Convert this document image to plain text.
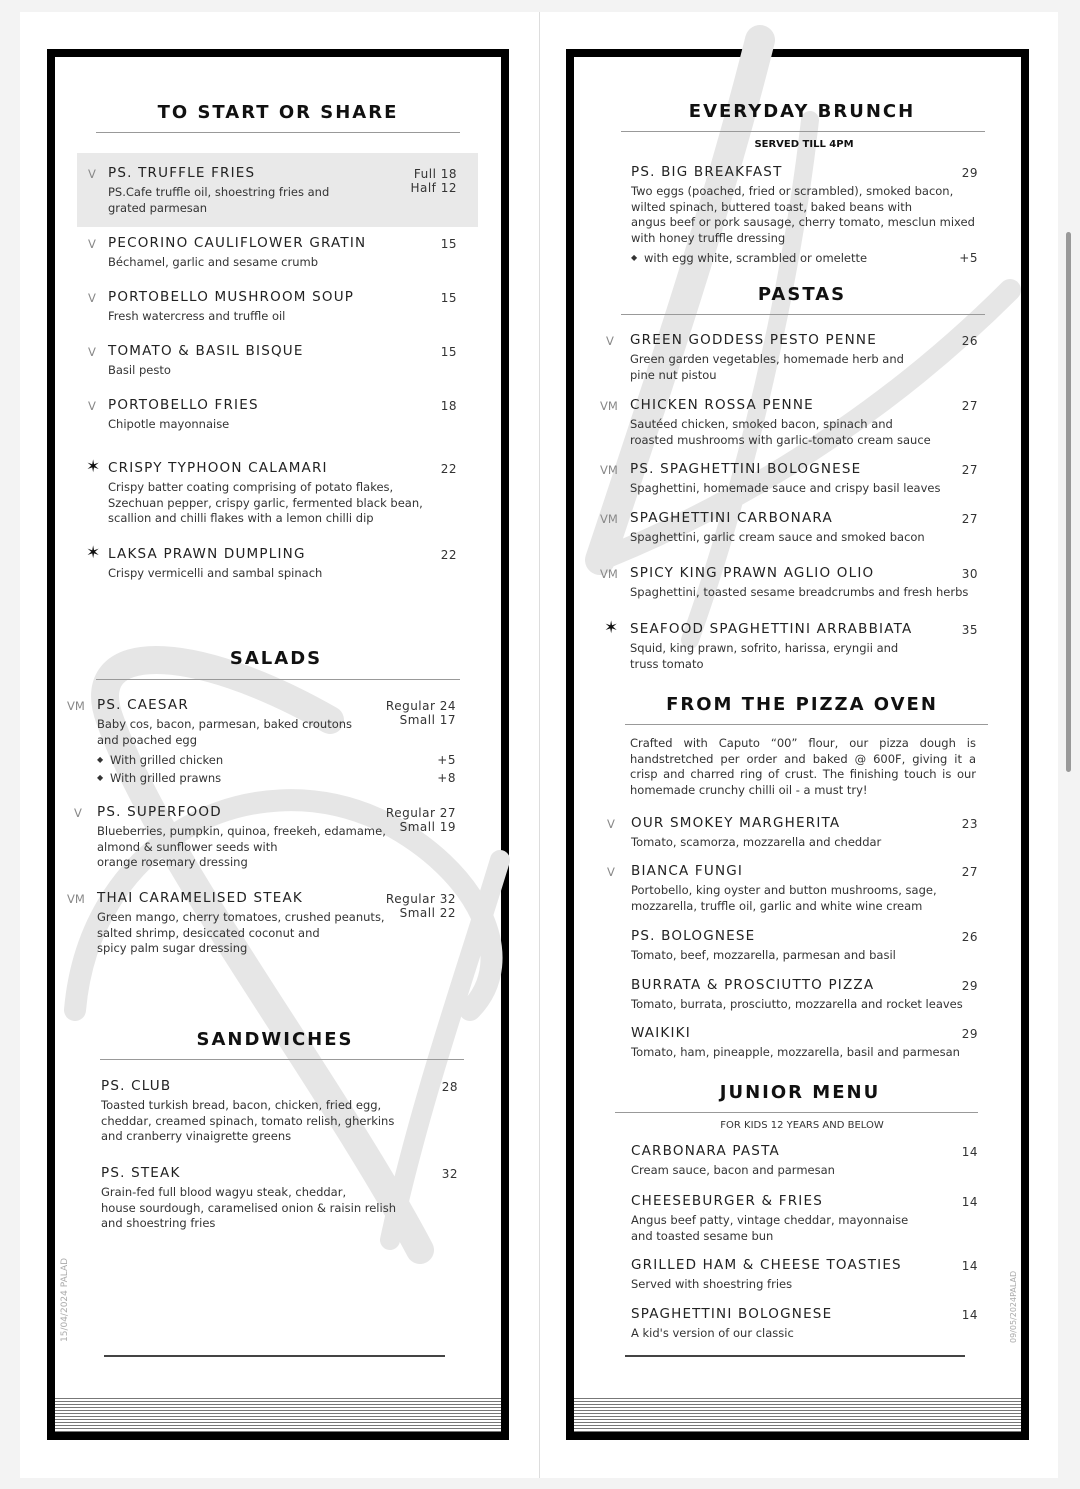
TO START OR SHARE
V PS. TRUFFLE FRIES
PS.Cafe truffle oil, shoestring fries and
grated parmesan
Full 18
Half 12
V PECORINO CAULIFLOWER GRATIN
Béchamel, garlic and sesame crumb
15
V PORTOBELLO MUSHROOM SOUP
Fresh watercress and truffle oil
15
V TOMATO & BASIL BISQUE
Basil pesto
15
V PORTOBELLO FRIES
Chipotle mayonnaise
18
✶ CRISPY TYPHOON CALAMARI
Crispy batter coating comprising of potato flakes,
Szechuan pepper, crispy garlic, fermented black bean,
scallion and chilli flakes with a lemon chilli dip
22
✶ LAKSA PRAWN DUMPLING
Crispy vermicelli and sambal spinach
22
SALADS
VM PS. CAESAR
Baby cos, bacon, parmesan, baked croutons
and poached egg
Regular 24
Small 17
◆ With grilled chicken	+5
◆ With grilled prawns	+8
V PS. SUPERFOOD
Blueberries, pumpkin, quinoa, freekeh, edamame,
almond & sunflower seeds with
orange rosemary dressing
Regular 27
Small 19
VM THAI CARAMELISED STEAK
Green mango, cherry tomatoes, crushed peanuts,
salted shrimp, desiccated coconut and
spicy palm sugar dressing
Regular 32
Small 22
SANDWICHES
PS. CLUB
Toasted turkish bread, bacon, chicken, fried egg,
cheddar, creamed spinach, tomato relish, gherkins
and cranberry vinaigrette greens
28
PS. STEAK
Grain-fed full blood wagyu steak, cheddar,
house sourdough, caramelised onion & raisin relish
and shoestring fries
32
EVERYDAY BRUNCH
SERVED TILL 4PM
PS. BIG BREAKFAST
Two eggs (poached, fried or scrambled), smoked bacon,
wilted spinach, buttered toast, baked beans with
angus beef or pork sausage, cherry tomato, mesclun mixed
with honey truffle dressing
29
◆ with egg white, scrambled or omelette	+5
PASTAS
V GREEN GODDESS PESTO PENNE
Green garden vegetables, homemade herb and
pine nut pistou
26
VM CHICKEN ROSSA PENNE
Sautéed chicken, smoked bacon, spinach and
roasted mushrooms with garlic-tomato cream sauce
27
VM PS. SPAGHETTINI BOLOGNESE
Spaghettini, homemade sauce and crispy basil leaves
27
VM SPAGHETTINI CARBONARA
Spaghettini, garlic cream sauce and smoked bacon
27
VM SPICY KING PRAWN AGLIO OLIO
Spaghettini, toasted sesame breadcrumbs and fresh herbs
30
✶ SEAFOOD SPAGHETTINI ARRABBIATA
Squid, king prawn, sofrito, harissa, eryngii and
truss tomato
35
FROM THE PIZZA OVEN
Crafted with Caputo “00” flour, our pizza dough is handstretched per order and baked @ 600F, giving it a crisp and charred ring of crust. The finishing touch is our homemade crunchy chilli oil - a must try!
V OUR SMOKEY MARGHERITA
Tomato, scamorza, mozzarella and cheddar
23
V BIANCA FUNGI
Portobello, king oyster and button mushrooms, sage,
mozzarella, truffle oil, garlic and white wine cream
27
PS. BOLOGNESE
Tomato, beef, mozzarella, parmesan and basil
26
BURRATA & PROSCIUTTO PIZZA
Tomato, burrata, prosciutto, mozzarella and rocket leaves
29
WAIKIKI
Tomato, ham, pineapple, mozzarella, basil and parmesan
29
JUNIOR MENU
FOR KIDS 12 YEARS AND BELOW
CARBONARA PASTA
Cream sauce, bacon and parmesan
14
CHEESEBURGER & FRIES
Angus beef patty, vintage cheddar, mayonnaise
and toasted sesame bun
14
GRILLED HAM & CHEESE TOASTIES
Served with shoestring fries
14
SPAGHETTINI BOLOGNESE
A kid's version of our classic
14
15/04/2024 PALAD	09/05/2024PALAD
